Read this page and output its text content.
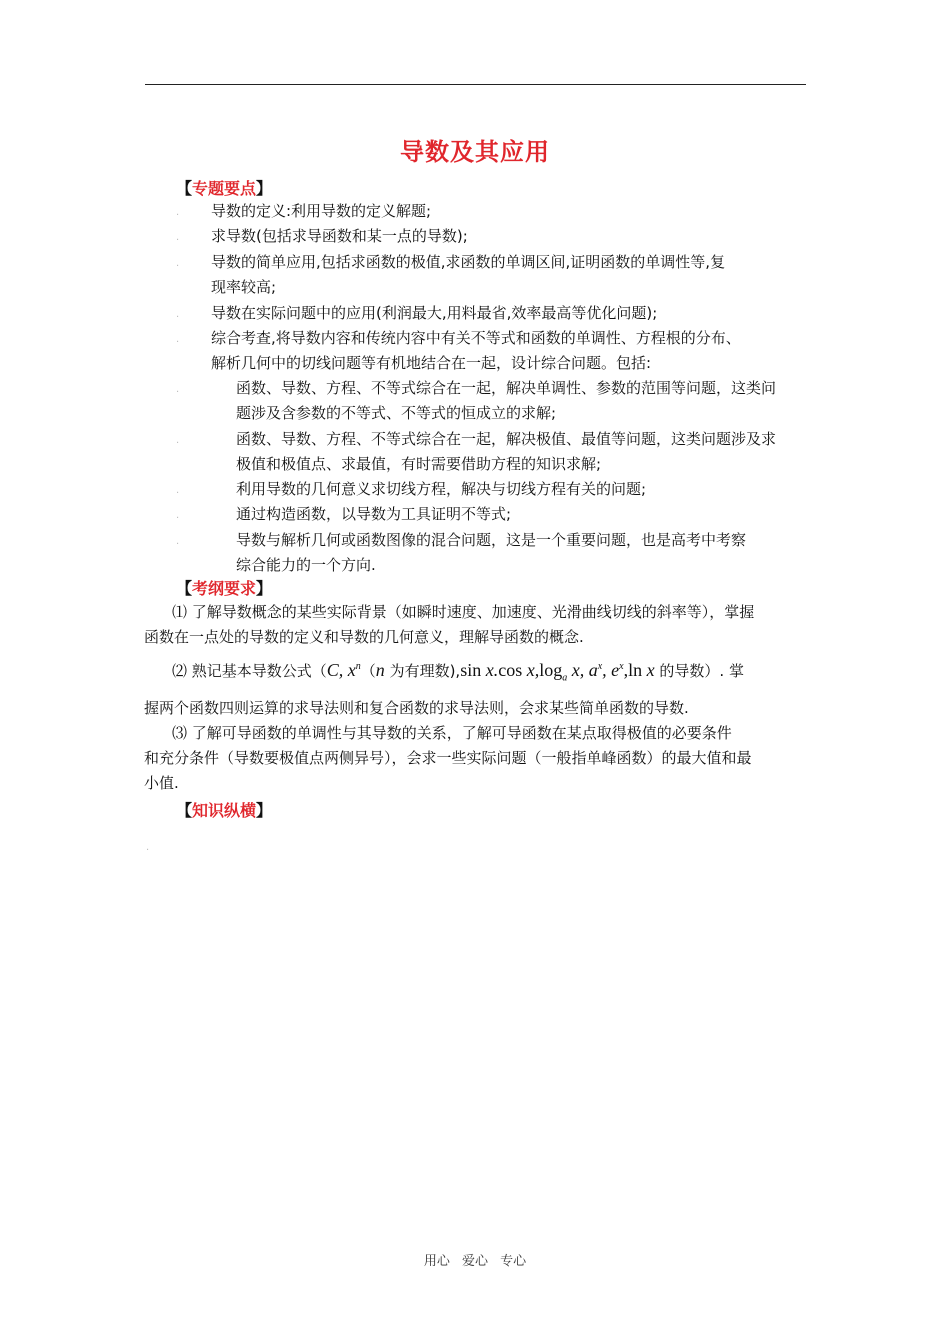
导数及其应用
【专题要点】
. 导数的定义:利用导数的定义解题;
. 求导数(包括求导函数和某一点的导数);
. 导数的简单应用,包括求函数的极值,求函数的单调区间,证明函数的单调性等,复
现率较高;
. 导数在实际问题中的应用(利润最大,用料最省,效率最高等优化问题);
. 综合考查,将导数内容和传统内容中有关不等式和函数的单调性、方程根的分布、
解析几何中的切线问题等有机地结合在一起，设计综合问题。包括:
.	函数、导数、方程、不等式综合在一起，解决单调性、参数的范围等问题，这类问
题涉及含参数的不等式、不等式的恒成立的求解;
.	函数、导数、方程、不等式综合在一起，解决极值、最值等问题，这类问题涉及求
极值和极值点、求最值，有时需要借助方程的知识求解;
.	利用导数的几何意义求切线方程，解决与切线方程有关的问题;
.	通过构造函数，以导数为工具证明不等式;
.	导数与解析几何或函数图像的混合问题，这是一个重要问题，也是高考中考察
综合能力的一个方向.
【考纲要求】
⑴ 了解导数概念的某些实际背景（如瞬时速度、加速度、光滑曲线切线的斜率等），掌握
函数在一点处的导数的定义和导数的几何意义，理解导函数的概念.
⑵ 熟记基本导数公式（C, $x^n(n$ 为有理数),sin x.cos $x,\log_a$ x, $a^x$, $e^x,\ln$ x 的导数）. 掌
握两个函数四则运算的求导法则和复合函数的求导法则，会求某些简单函数的导数.
⑶ 了解可导函数的单调性与其导数的关系，了解可导函数在某点取得极值的必要条件
和充分条件（导数要极值点两侧异号），会求一些实际问题（一般指单峰函数）的最大值和最
小值.
【知识纵横】
.
用心 爱心 专心
